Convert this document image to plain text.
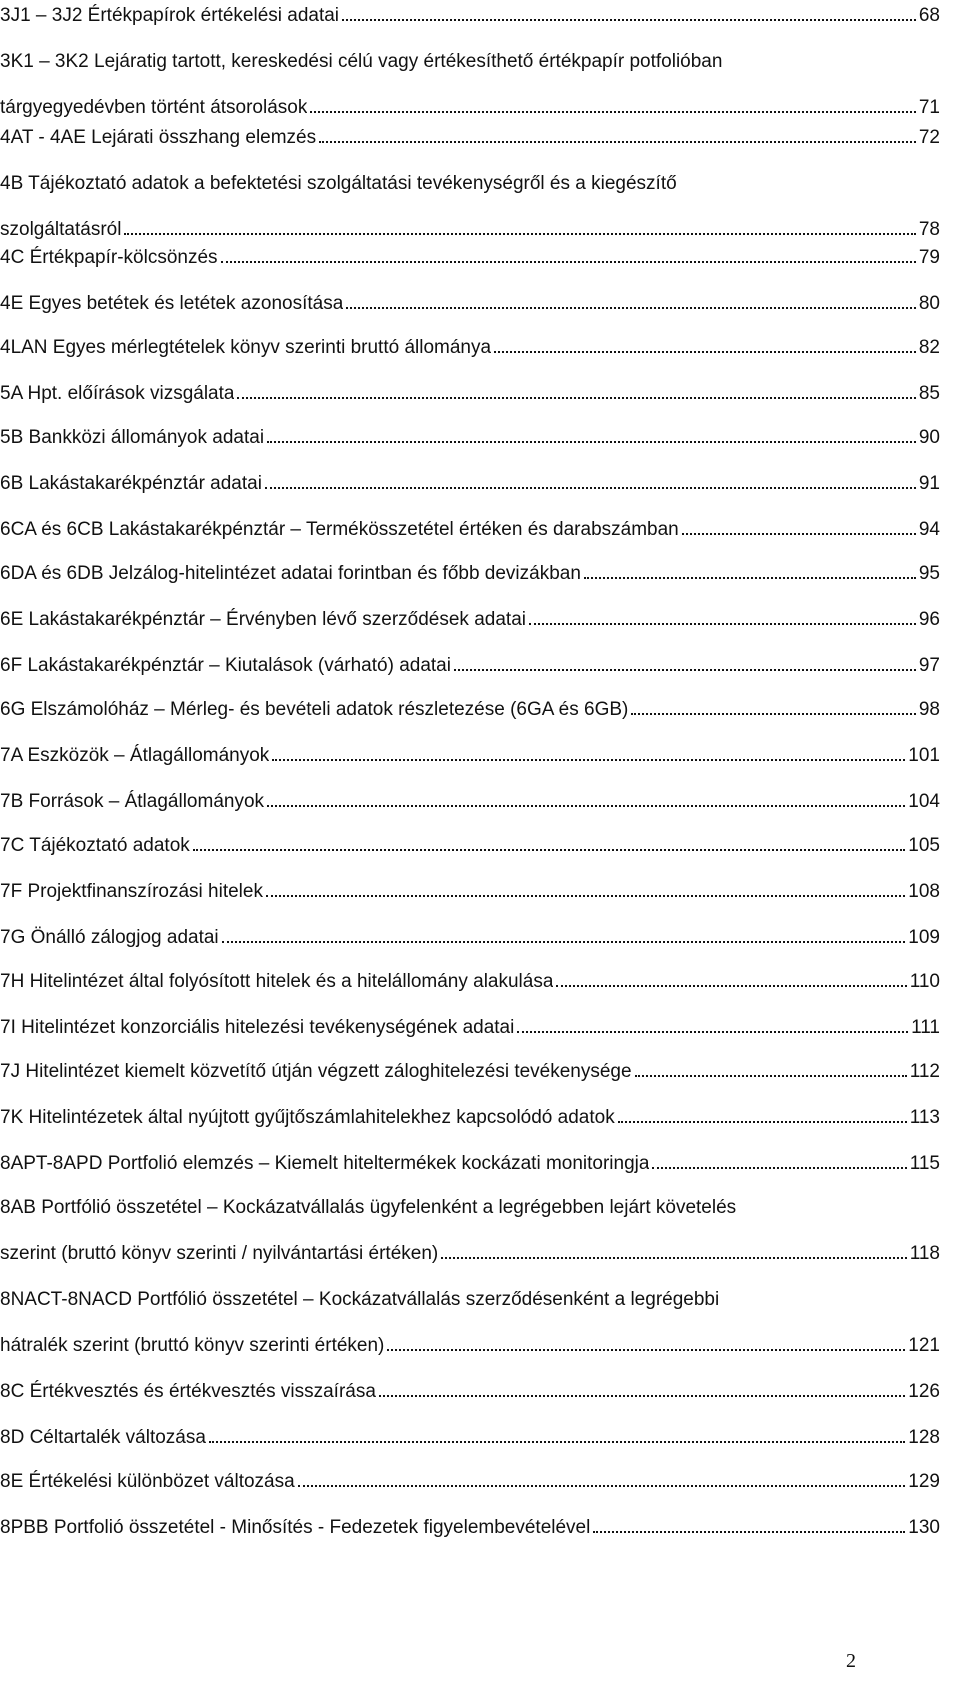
3J1 – 3J2 Értékpapírok értékelési adatai	68
3K1 – 3K2 Lejáratig tartott, kereskedési célú vagy értékesíthető értékpapír potfolióban
tárgyegyedévben történt átsorolások	71
4AT - 4AE Lejárati összhang elemzés	72
4B Tájékoztató adatok a befektetési szolgáltatási tevékenységről és a kiegészítő
szolgáltatásról	78
4C Értékpapír-kölcsönzés	79
4E Egyes betétek és letétek azonosítása	80
4LAN Egyes mérlegtételek könyv szerinti bruttó állománya	82
5A Hpt. előírások vizsgálata	85
5B Bankközi állományok adatai	90
6B Lakástakarékpénztár adatai	91
6CA és 6CB Lakástakarékpénztár – Termékösszetétel értéken és darabszámban	94
6DA és 6DB Jelzálog-hitelintézet adatai forintban és főbb devizákban	95
6E Lakástakarékpénztár – Érvényben lévő szerződések adatai	96
6F Lakástakarékpénztár – Kiutalások (várható) adatai	97
6G Elszámolóház – Mérleg- és bevételi adatok részletezése (6GA és 6GB)	98
7A Eszközök – Átlagállományok	101
7B Források – Átlagállományok	104
7C Tájékoztató adatok	105
7F Projektfinanszírozási hitelek	108
7G Önálló zálogjog adatai	109
7H Hitelintézet által folyósított hitelek és a hitelállomány alakulása	110
7I Hitelintézet konzorciális hitelezési tevékenységének adatai	111
7J Hitelintézet kiemelt közvetítő útján végzett záloghitelezési tevékenysége	112
7K Hitelintézetek által nyújtott gyűjtőszámlahitelekhez kapcsolódó adatok	113
8APT-8APD Portfolió elemzés – Kiemelt hiteltermékek kockázati monitoringja	115
8AB Portfólió összetétel – Kockázatvállalás ügyfelenként a legrégebben lejárt követelés
szerint (bruttó könyv szerinti / nyilvántartási értéken)	118
8NACT-8NACD Portfólió összetétel – Kockázatvállalás szerződésenként a legrégebbi
hátralék szerint (bruttó könyv szerinti értéken)	121
8C Értékvesztés és értékvesztés visszaírása	126
8D Céltartalék változása	128
8E Értékelési különbözet változása	129
8PBB Portfolió összetétel - Minősítés - Fedezetek figyelembevételével	130
2
